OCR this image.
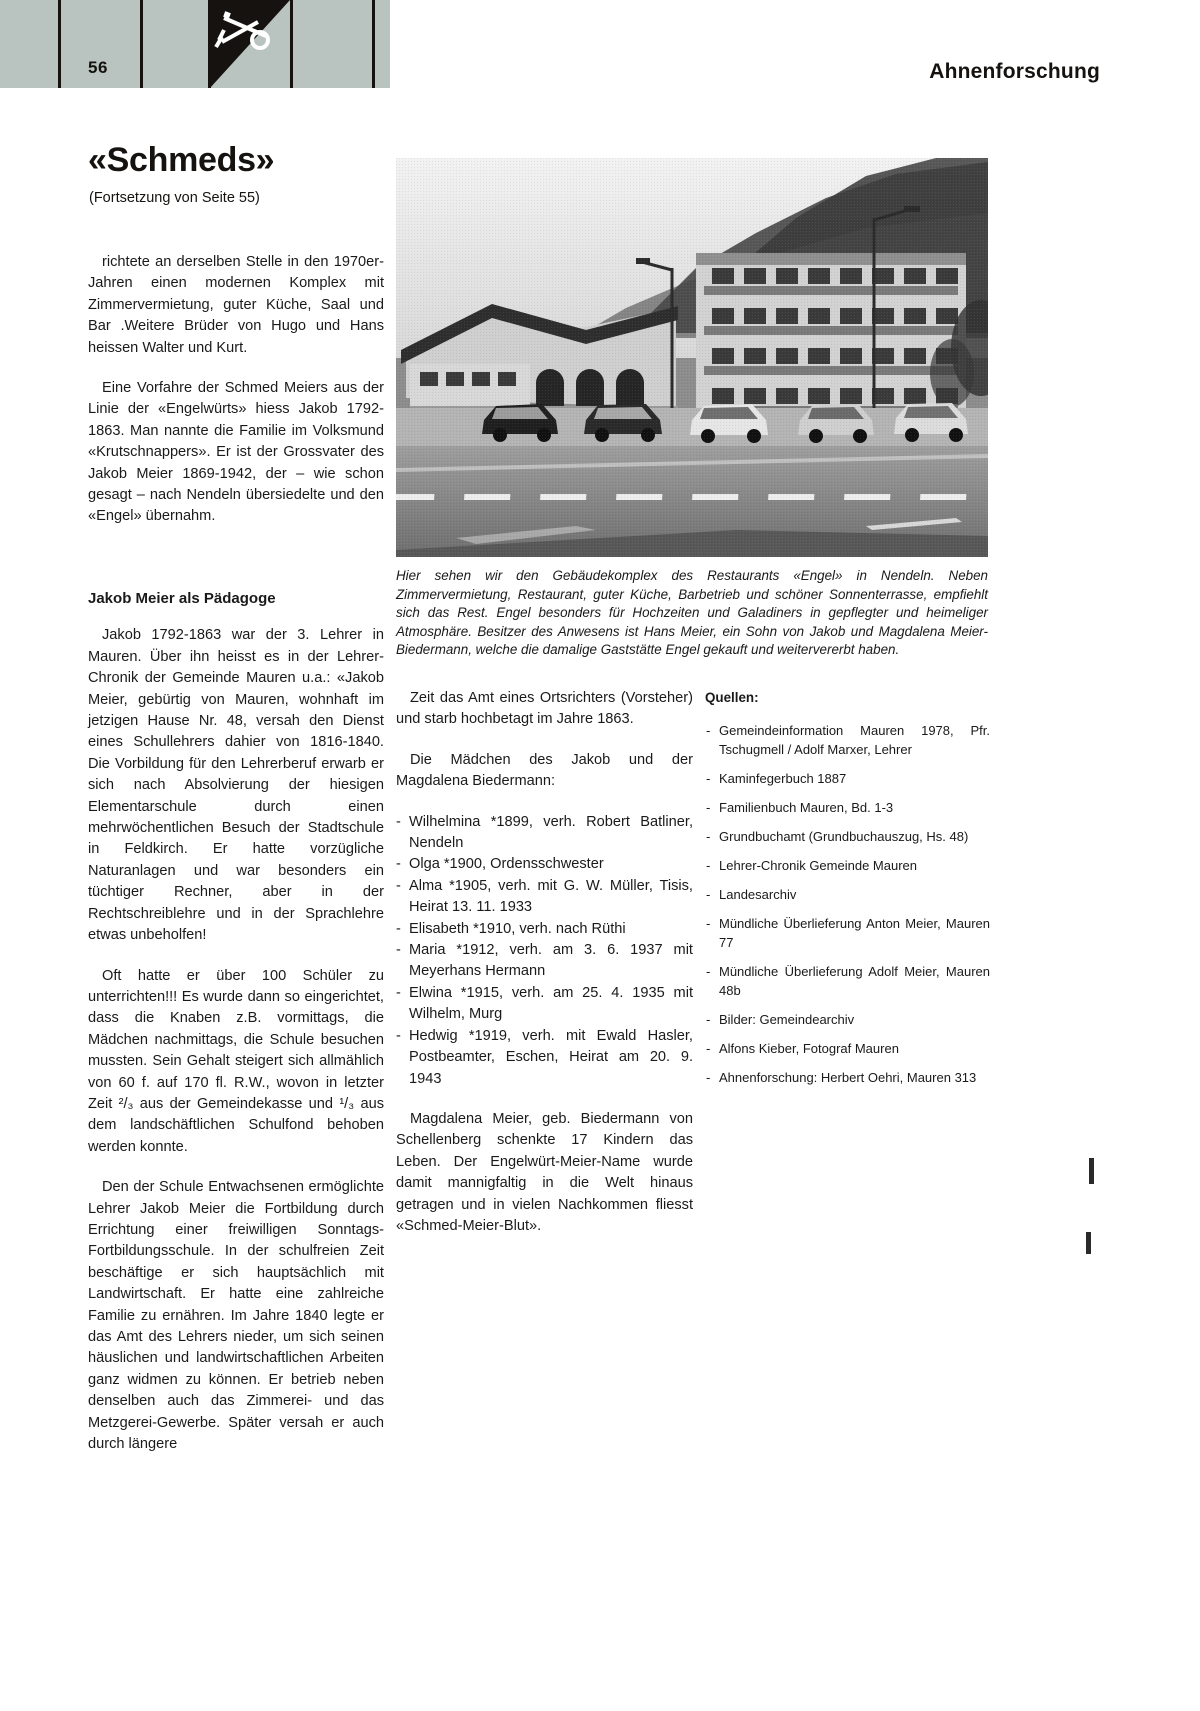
56	Ahnenforschung
«Schmeds»
(Fortsetzung von Seite 55)

richtete an derselben Stelle in den 1970er-Jahren einen modernen Komplex mit Zimmervermietung, guter Küche, Saal und Bar .Weitere Brüder von Hugo und Hans heissen Walter und Kurt.

Eine Vorfahre der Schmed Meiers aus der Linie der «Engelwürts» hiess Jakob 1792-1863. Man nannte die Familie im Volksmund «Krutschnappers». Er ist der Grossvater des Jakob Meier 1869-1942, der – wie schon gesagt – nach Nendeln übersiedelte und den «Engel» übernahm.

Jakob Meier als Pädagoge

Jakob 1792-1863 war der 3. Lehrer in Mauren. Über ihn heisst es in der Lehrer-Chronik der Gemeinde Mauren u.a.: «Jakob Meier, gebürtig von Mauren, wohnhaft im jetzigen Hause Nr. 48, versah den Dienst eines Schullehrers dahier von 1816-1840. Die Vorbildung für den Lehrerberuf erwarb er sich nach Absolvierung der hiesigen Elementarschule durch einen mehrwöchentlichen Besuch der Stadtschule in Feldkirch. Er hatte vorzügliche Naturanlagen und war besonders ein tüchtiger Rechner, aber in der Rechtschreiblehre und in der Sprachlehre etwas unbeholfen!

Oft hatte er über 100 Schüler zu unterrichten!!! Es wurde dann so eingerichtet, dass die Knaben z.B. vormittags, die Mädchen nachmittags, die Schule besuchen mussten. Sein Gehalt steigert sich allmählich von 60 f. auf 170 fl. R.W., wovon in letzter Zeit ²/₃ aus der Gemeindekasse und ¹/₃ aus dem landschäftlichen Schulfond behoben werden konnte.

Den der Schule Entwachsenen ermöglichte Lehrer Jakob Meier die Fortbildung durch Errichtung einer freiwilligen Sonntags-Fortbildungsschule. In der schulfreien Zeit beschäftige er sich hauptsächlich mit Landwirtschaft. Er hatte eine zahlreiche Familie zu ernähren. Im Jahre 1840 legte er das Amt des Lehrers nieder, um sich seinen häuslichen und landwirtschaftlichen Arbeiten ganz widmen zu können. Er betrieb neben denselben auch das Zimmerei- und das Metzgerei-Gewerbe. Später versah er auch durch längere

Hier sehen wir den Gebäudekomplex des Restaurants «Engel» in Nendeln. Neben Zimmervermietung, Restaurant, guter Küche, Barbetrieb und schöner Sonnenterrasse, empfiehlt sich das Rest. Engel besonders für Hochzeiten und Galadiners in gepflegter und heimeliger Atmosphäre. Besitzer des Anwesens ist Hans Meier, ein Sohn von Jakob und Magdalena Meier- Biedermann, welche die damalige Gaststätte Engel gekauft und weitervererbt haben.

Zeit das Amt eines Ortsrichters (Vorsteher) und starb hochbetagt im Jahre 1863.

Die Mädchen des Jakob und der Magdalena Biedermann:

- Wilhelmina *1899, verh. Robert Batliner, Nendeln
- Olga *1900, Ordensschwester
- Alma *1905, verh. mit G. W. Müller, Tisis, Heirat 13. 11. 1933
- Elisabeth *1910, verh. nach Rüthi
- Maria *1912, verh. am 3. 6. 1937 mit Meyerhans Hermann
- Elwina *1915, verh. am 25. 4. 1935 mit Wilhelm, Murg
- Hedwig *1919, verh. mit Ewald Hasler, Postbeamter, Eschen, Heirat am 20. 9. 1943

Magdalena Meier, geb. Biedermann von Schellenberg schenkte 17 Kindern das Leben. Der Engelwürt-Meier-Name wurde damit mannigfaltig in die Welt hinaus getragen und in vielen Nachkommen fliesst «Schmed-Meier-Blut».

Quellen:
- Gemeindeinformation Mauren 1978, Pfr. Tschugmell / Adolf Marxer, Lehrer
- Kaminfegerbuch 1887
- Familienbuch Mauren, Bd. 1-3
- Grundbuchamt (Grundbuchauszug, Hs. 48)
- Lehrer-Chronik Gemeinde Mauren
- Landesarchiv
- Mündliche Überlieferung Anton Meier, Mauren 77
- Mündliche Überlieferung Adolf Meier, Mauren 48b
- Bilder: Gemeindearchiv
- Alfons Kieber, Fotograf Mauren
- Ahnenforschung: Herbert Oehri, Mauren 313
